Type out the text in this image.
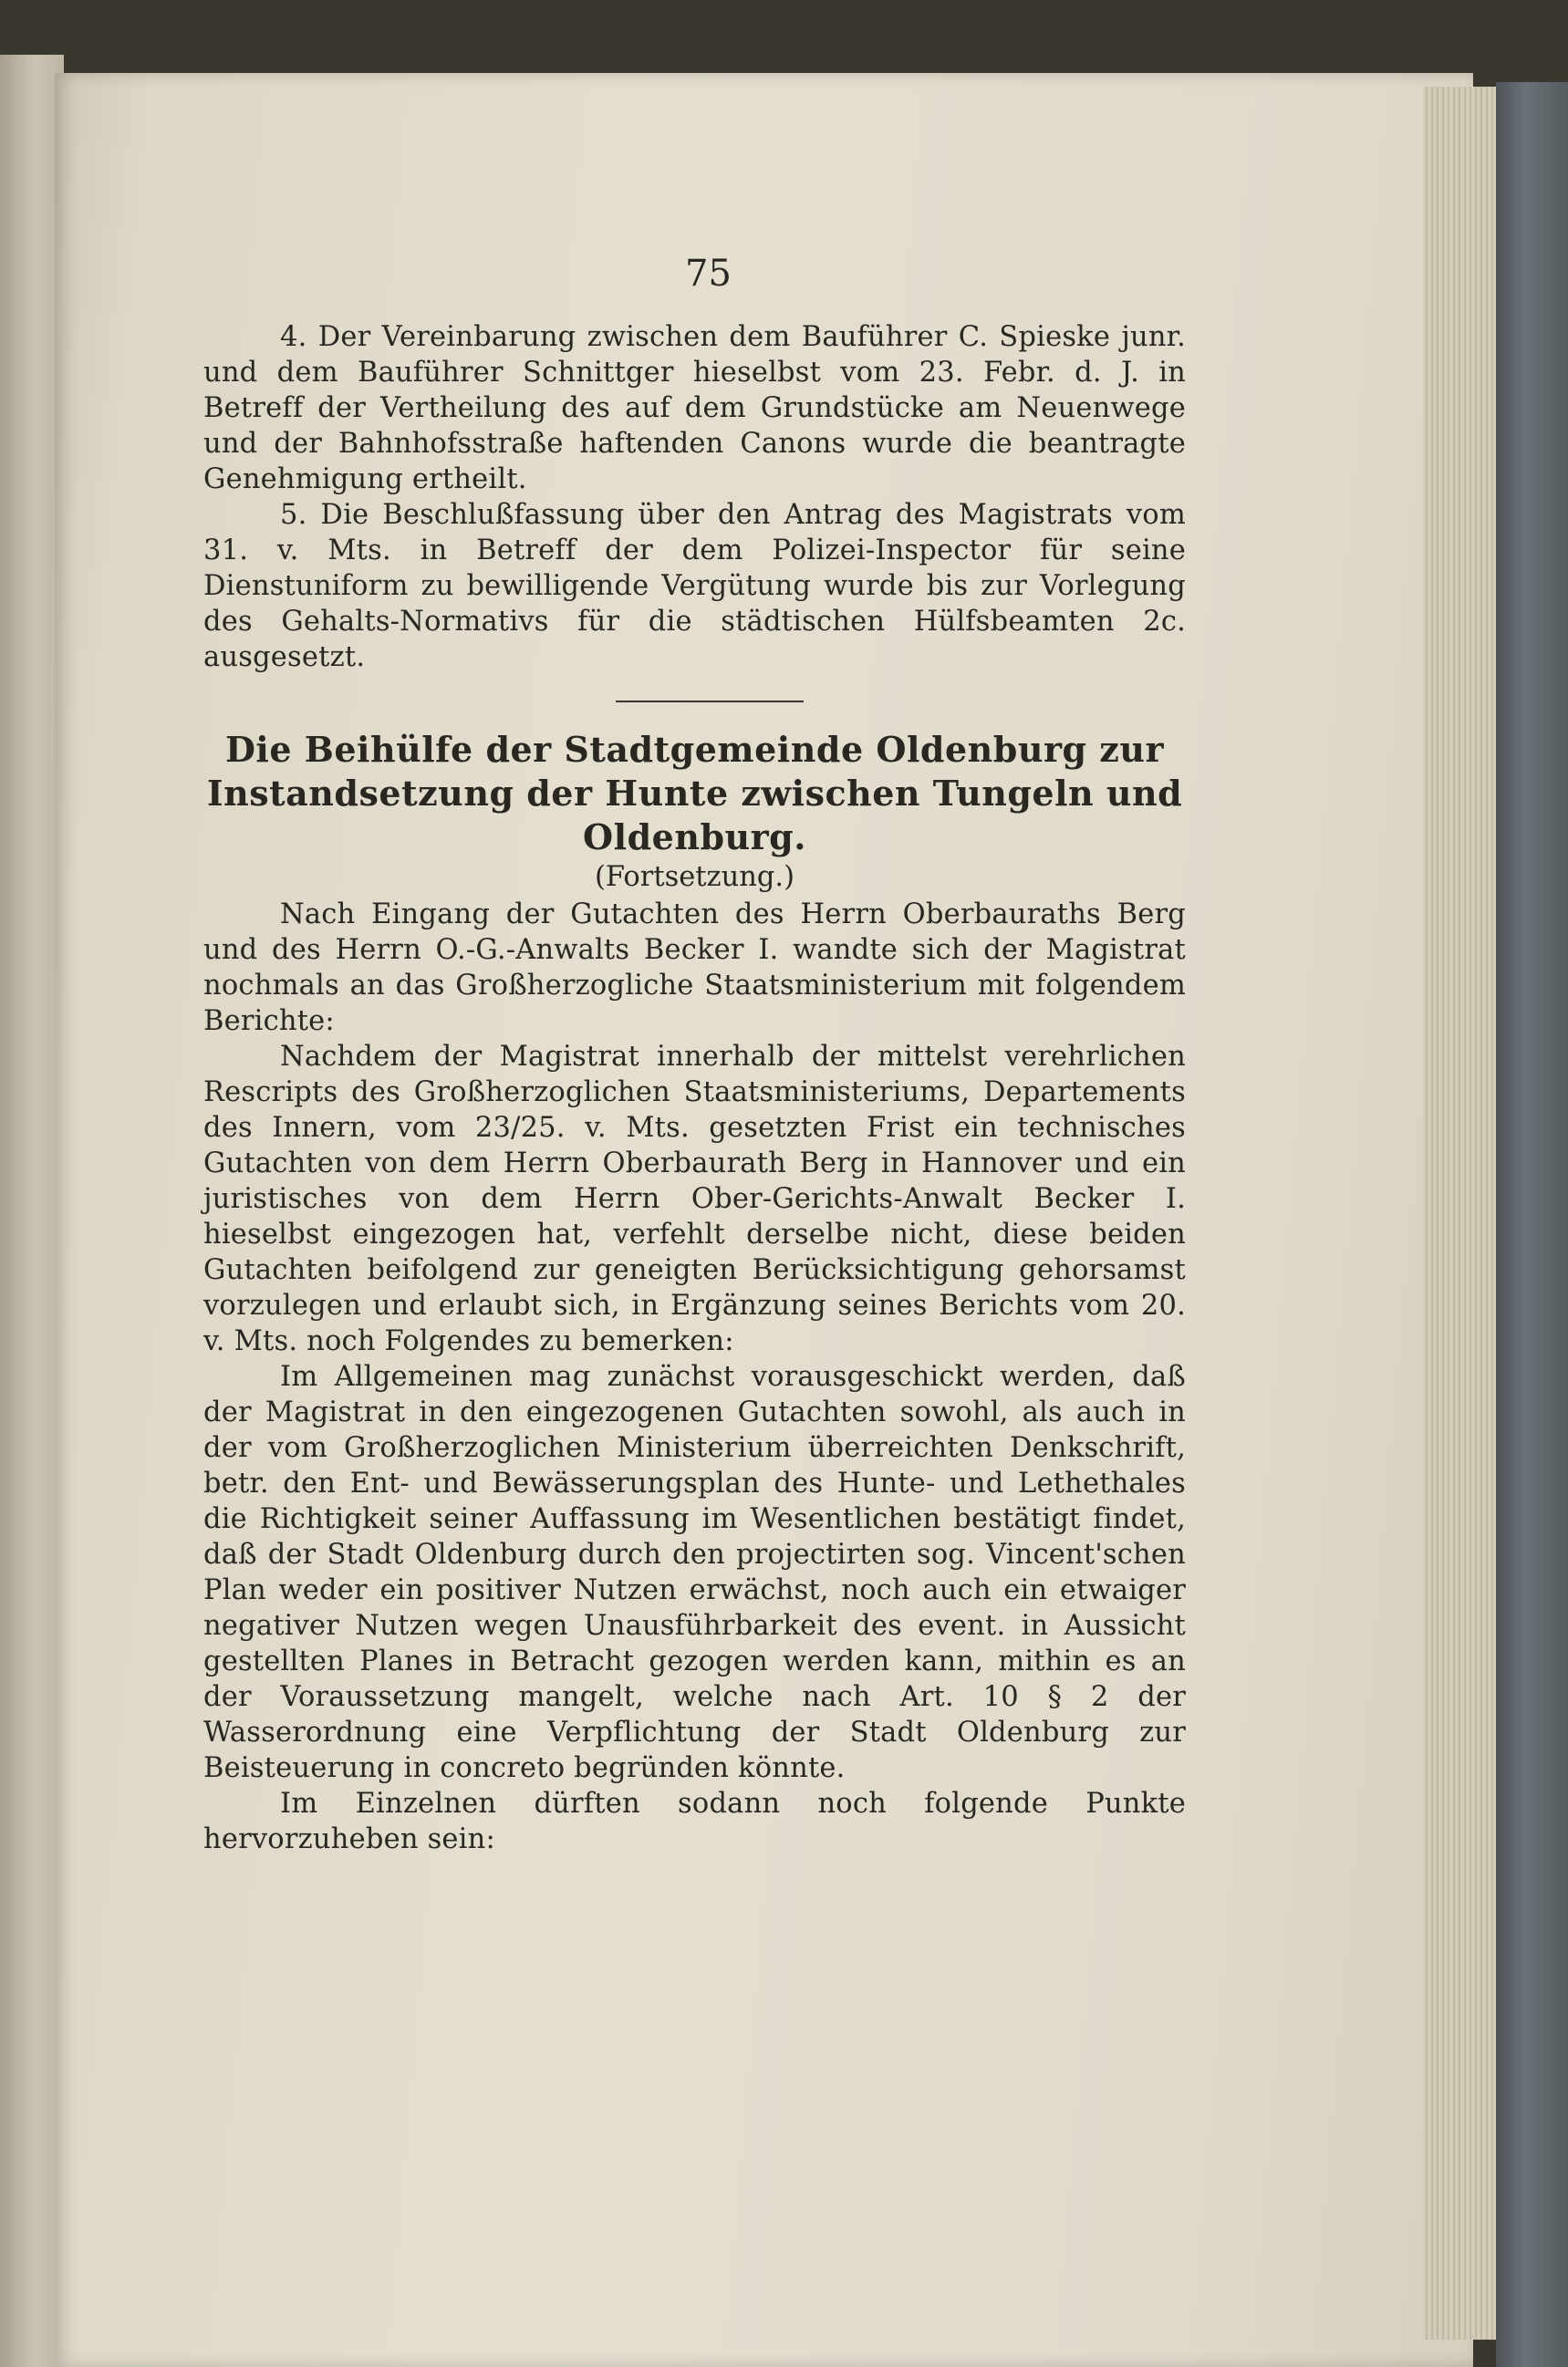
75

4. Der Vereinbarung zwischen dem Bauführer C. Spieske junr. und dem Bauführer Schnittger hieselbst vom 23. Febr. d. J. in Betreff der Vertheilung des auf dem Grundstücke am Neuenwege und der Bahnhofsstraße haftenden Canons wurde die beantragte Genehmigung ertheilt.

5. Die Beschlußfassung über den Antrag des Magistrats vom 31. v. Mts. in Betreff der dem Polizei-Inspector für seine Dienstuniform zu bewilligende Vergütung wurde bis zur Vorlegung des Gehalts-Normativs für die städtischen Hülfsbeamten 2c. ausgesetzt.

Die Beihülfe der Stadtgemeinde Oldenburg zur Instandsetzung der Hunte zwischen Tungeln und Oldenburg.
(Fortsetzung.)

Nach Eingang der Gutachten des Herrn Oberbauraths Berg und des Herrn O.-G.-Anwalts Becker I. wandte sich der Magistrat nochmals an das Großherzogliche Staatsministerium mit folgendem Berichte:

Nachdem der Magistrat innerhalb der mittelst verehrlichen Rescripts des Großherzoglichen Staatsministeriums, Departements des Innern, vom 23/25. v. Mts. gesetzten Frist ein technisches Gutachten von dem Herrn Oberbaurath Berg in Hannover und ein juristisches von dem Herrn Ober-Gerichts-Anwalt Becker I. hieselbst eingezogen hat, verfehlt derselbe nicht, diese beiden Gutachten beifolgend zur geneigten Berücksichtigung gehorsamst vorzulegen und erlaubt sich, in Ergänzung seines Berichts vom 20. v. Mts. noch Folgendes zu bemerken:

Im Allgemeinen mag zunächst vorausgeschickt werden, daß der Magistrat in den eingezogenen Gutachten sowohl, als auch in der vom Großherzoglichen Ministerium überreichten Denkschrift, betr. den Ent- und Bewässerungsplan des Hunte- und Lethethales die Richtigkeit seiner Auffassung im Wesentlichen bestätigt findet, daß der Stadt Oldenburg durch den projectirten sog. Vincent'schen Plan weder ein positiver Nutzen erwächst, noch auch ein etwaiger negativer Nutzen wegen Unausführbarkeit des event. in Aussicht gestellten Planes in Betracht gezogen werden kann, mithin es an der Voraussetzung mangelt, welche nach Art. 10 § 2 der Wasserordnung eine Verpflichtung der Stadt Oldenburg zur Beisteuerung in concreto begründen könnte.

Im Einzelnen dürften sodann noch folgende Punkte hervorzuheben sein:
